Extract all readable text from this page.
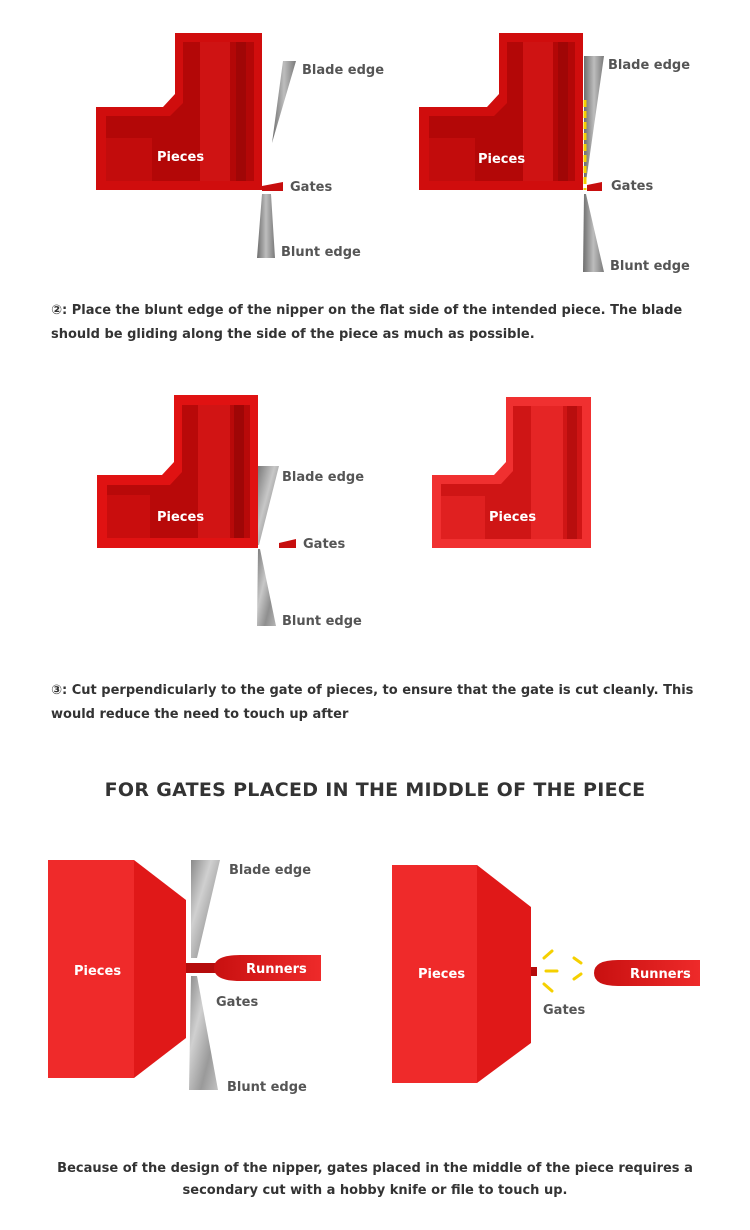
Pieces
Blade edge
Gates
Blunt edge
Pieces
Blade edge
Gates
Blunt edge

②: Place the blunt edge of the nipper on the flat side of the intended piece. The blade should be gliding along the side of the piece as much as possible.

Pieces
Blade edge
Gates
Blunt edge
Pieces

③: Cut perpendicularly to the gate of pieces, to ensure that the gate is cut cleanly. This would reduce the need to touch up after

FOR GATES PLACED IN THE MIDDLE OF THE PIECE
Pieces
Blade edge
Runners
Gates
Blunt edge
Pieces	Runners
Gates

Because of the design of the nipper, gates placed in the middle of the piece requires a secondary cut with a hobby knife or file to touch up.
